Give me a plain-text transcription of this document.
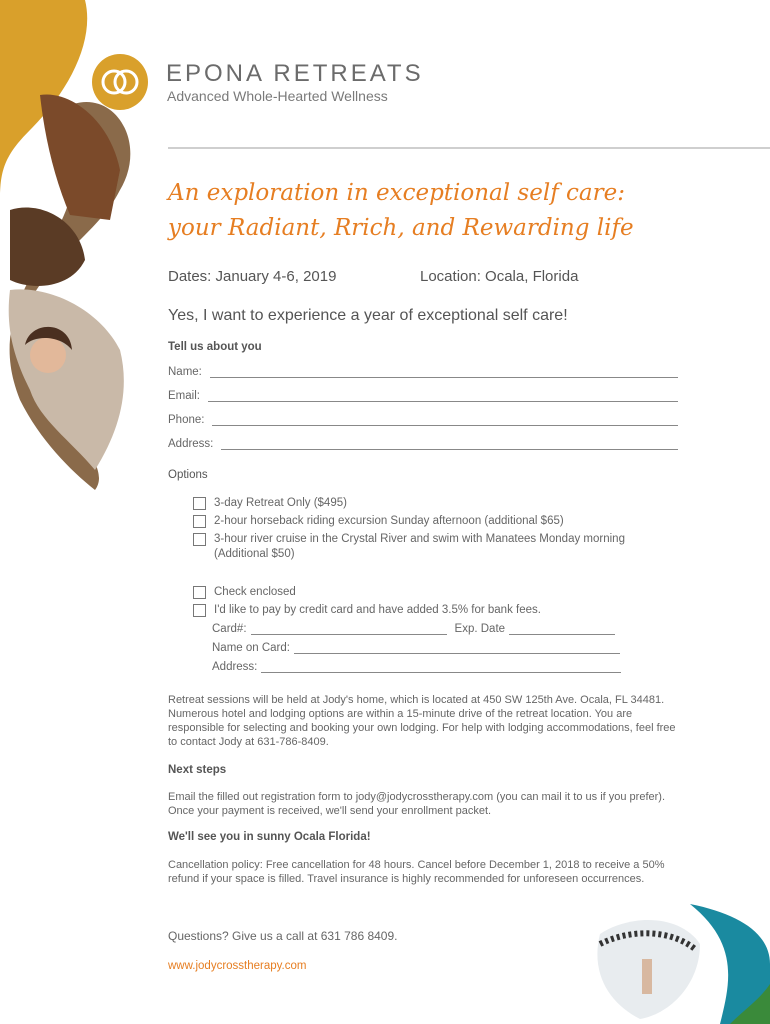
EPONA RETREATS
Advanced Whole-Hearted Wellness
An exploration in exceptional self care:
your Radiant, Rrich, and Rewarding life
Dates: January 4-6, 2019	Location: Ocala, Florida
Yes, I want to experience a year of exceptional self care!
Tell us about you
Name:
Email:
Phone:
Address:
Options
3-day Retreat Only ($495)
2-hour horseback riding excursion Sunday afternoon (additional $65)
3-hour river cruise in the Crystal River and swim with Manatees Monday morning (Additional $50)
Check enclosed
I'd like to pay by credit card and have added 3.5% for bank fees.
Card#:	Exp. Date
Name on Card:
Address:
Retreat sessions will be held at Jody's home, which is located at 450 SW 125th Ave. Ocala, FL 34481. Numerous hotel and lodging options are within a 15-minute drive of the retreat location. You are responsible for selecting and booking your own lodging. For help with lodging accommodations, feel free to contact Jody at 631-786-8409.
Next steps
Email the filled out registration form to jody@jodycrosstherapy.com (you can mail it to us if you prefer). Once your payment is received, we'll send your enrollment packet.
We'll see you in sunny Ocala Florida!
Cancellation policy: Free cancellation for 48 hours. Cancel before December 1, 2018 to receive a 50% refund if your space is filled. Travel insurance is highly recommended for unforeseen occurrences.
Questions? Give us a call at 631 786 8409.
www.jodycrosstherapy.com
